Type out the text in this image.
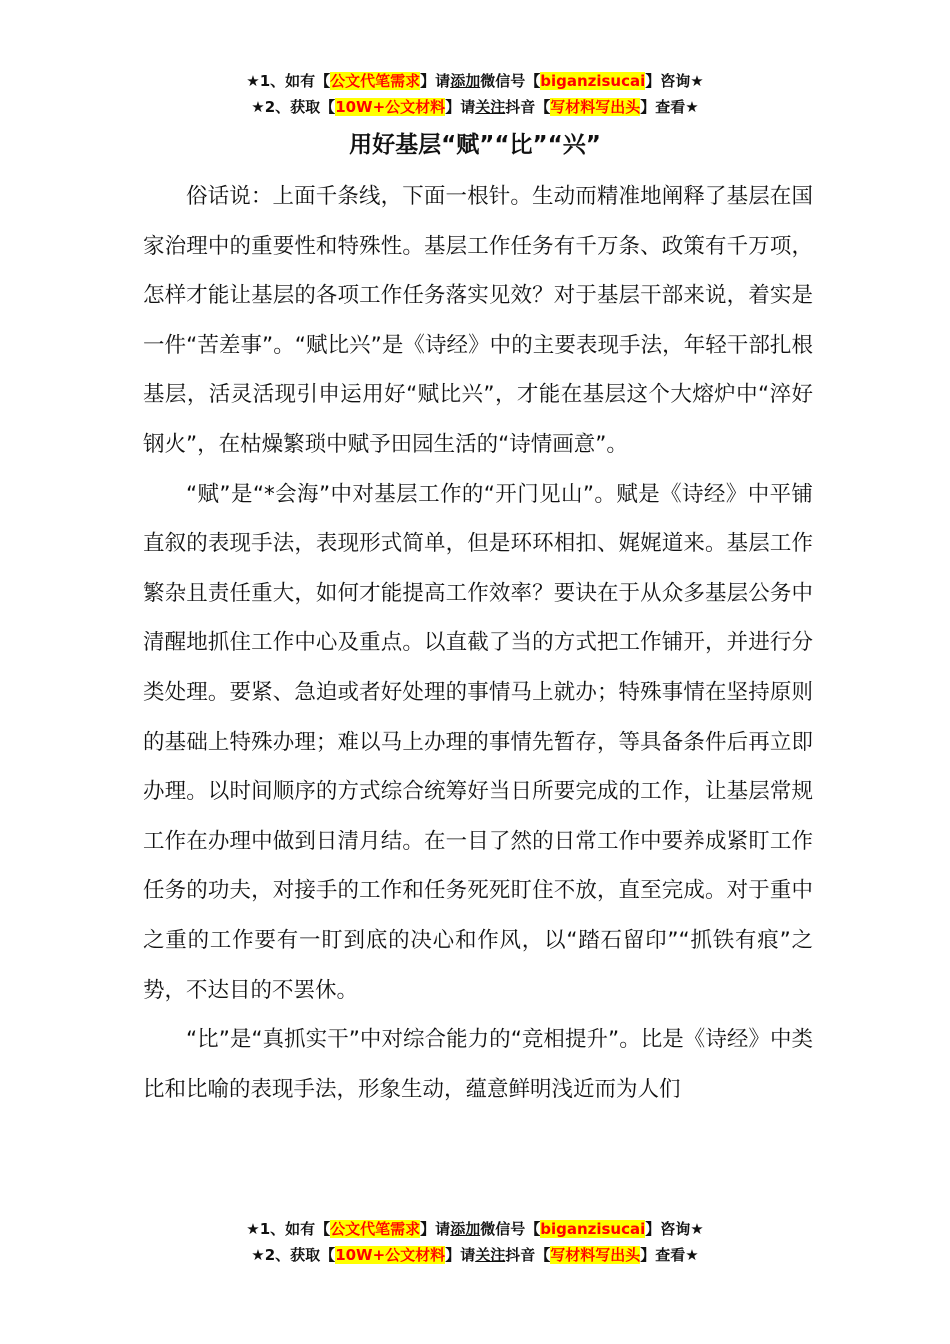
★1、如有【公文代笔需求】请添加微信号【biganzisucai】咨询★
★2、获取【10W+公文材料】请关注抖音【写材料写出头】查看★
用好基层“赋”“比”“兴”

俗话说：上面千条线，下面一根针。生动而精准地阐释了基层在国家治理中的重要性和特殊性。基层工作任务有千万条、政策有千万项，怎样才能让基层的各项工作任务落实见效？对于基层干部来说，着实是一件“苦差事”。“赋比兴”是《诗经》中的主要表现手法，年轻干部扎根基层，活灵活现引申运用好“赋比兴”，才能在基层这个大熔炉中“淬好钢火”，在枯燥繁琐中赋予田园生活的“诗情画意”。

“赋”是“*会海”中对基层工作的“开门见山”。赋是《诗经》中平铺直叙的表现手法，表现形式简单，但是环环相扣、娓娓道来。基层工作繁杂且责任重大，如何才能提高工作效率？要诀在于从众多基层公务中清醒地抓住工作中心及重点。以直截了当的方式把工作铺开，并进行分类处理。要紧、急迫或者好处理的事情马上就办；特殊事情在坚持原则的基础上特殊办理；难以马上办理的事情先暂存，等具备条件后再立即办理。以时间顺序的方式综合统筹好当日所要完成的工作，让基层常规工作在办理中做到日清月结。在一目了然的日常工作中要养成紧盯工作任务的功夫，对接手的工作和任务死死盯住不放，直至完成。对于重中之重的工作要有一盯到底的决心和作风，以“踏石留印”“抓铁有痕”之势，不达目的不罢休。

“比”是“真抓实干”中对综合能力的“竞相提升”。比是《诗经》中类比和比喻的表现手法，形象生动，蕴意鲜明浅近而为人们

★1、如有【公文代笔需求】请添加微信号【biganzisucai】咨询★
★2、获取【10W+公文材料】请关注抖音【写材料写出头】查看★
